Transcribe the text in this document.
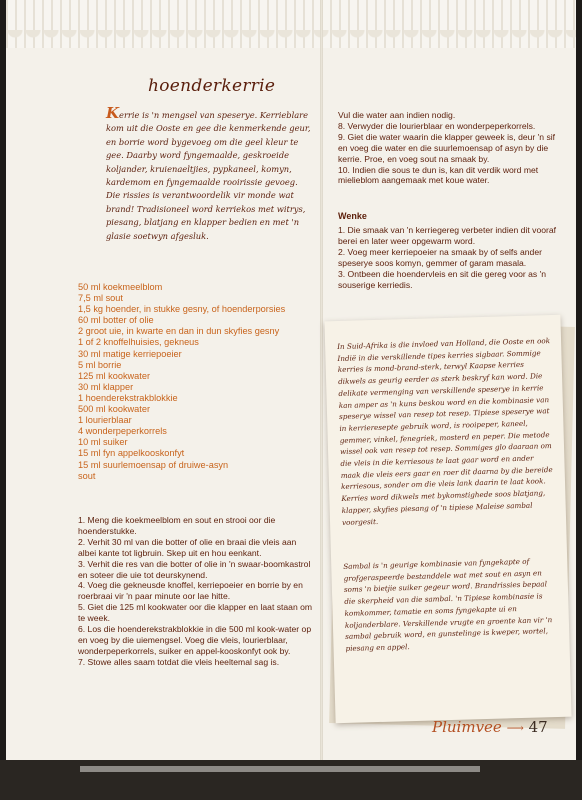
hoenderkerrie

Kerrie is 'n mengsel van speserye. Kerrieblare kom uit die Ooste en gee die kenmerkende geur, en borrie word bygevoeg om die geel kleur te gee. Daarby word fyngemaalde, geskroeide koljander, kruienaeltjies, pypkaneel, komyn, kardemom en fyngemaalde rooirissie gevoeg. Die rissies is verantwoordelik vir monde wat brand! Tradisioneel word kerriekos met witrys, piesang, blatjang en klapper bedien en met 'n glasie soetwyn afgesluk.

50 ml koekmeelblom
7,5 ml sout
1,5 kg hoender, in stukke gesny, of hoenderporsies
60 ml botter of olie
2 groot uie, in kwarte en dan in dun skyfies gesny
1 of 2 knoffelhuisies, gekneus
30 ml matige kerriepoeier
5 ml borrie
125 ml kookwater
30 ml klapper
1 hoenderekstrakblokkie
500 ml kookwater
1 lourierblaar
4 wonderpeperkorrels
10 ml suiker
15 ml fyn appelkooskonfyt
15 ml suurlemoensap of druiwe-asyn
sout
1. Meng die koekmeelblom en sout en strooi oor die hoenderstukke.
2. Verhit 30 ml van die botter of olie en braai die vleis aan albei kante tot ligbruin. Skep uit en hou eenkant.
3. Verhit die res van die botter of olie in 'n swaar-boomkastrol en soteer die uie tot deurskynend.
4. Voeg die gekneusde knoffel, kerriepoeier en borrie by en roerbraai vir 'n paar minute oor lae hitte.
5. Giet die 125 ml kookwater oor die klapper en laat staan om te week.
6. Los die hoenderekstrakblokkie in die 500 ml kook-water op en voeg by die uiemengsel. Voeg die vleis, lourierblaar, wonderpeperkorrels, suiker en appel-kooskonfyt ook by.
7. Stowe alles saam totdat die vleis heeltemal sag is.
Vul die water aan indien nodig.
8. Verwyder die lourierblaar en wonderpeperkorrels.
9. Giet die water waarin die klapper geweek is, deur 'n sif en voeg die water en die suurlemoensap of asyn by die kerrie. Proe, en voeg sout na smaak by.
10. Indien die sous te dun is, kan dit verdik word met mielieblom aangemaak met koue water.
Wenke
1. Die smaak van 'n kerriegereg verbeter indien dit vooraf berei en later weer opgewarm word.
2. Voeg meer kerriepoeier na smaak by of selfs ander speserye soos komyn, gemmer of garam masala.
3. Ontbeen die hoendervleis en sit die gereg voor as 'n souserige kerriedis.

In Suid-Afrika is die invloed van Holland, die Ooste en ook Indië in die verskillende tipes kerries sigbaar. Sommige kerries is mond-brand-sterk, terwyl Kaapse kerries dikwels as geurig eerder as sterk beskryf kan word. Die delikate vermenging van verskillende speserye in kerrie kan amper as 'n kuns beskou word en die kombinasie van speserye wissel van resep tot resep. Tipiese speserye wat in kerrieresepte gebruik word, is rooipeper, kaneel, gemmer, vinkel, fenegriek, mosterd en peper. Die metode wissel ook van resep tot resep. Sommiges glo daaraan om die vleis in die kerriesous te laat gaar word en ander maak die vleis eers gaar en roer dit daarna by die bereide kerriesous, sonder om die vleis lank daarin te laat kook. Kerries word dikwels met bykomstighede soos blatjang, klapper, skyfies piesang of 'n tipiese Maleise sambal voorgesit.

Sambal is 'n geurige kombinasie van fyngekapte of grofgeraspeerde bestanddele wat met sout en asyn en soms 'n bietjie suiker gegeur word. Brandrissies bepaal die skerpheid van die sambal. 'n Tipiese kombinasie is komkommer, tamatie en soms fyngekapte ui en koljanderblare. Verskillende vrugte en groente kan vir 'n sambal gebruik word, en gunstelinge is kweper, wortel, piesang en appel.

Pluimvee ⟶ 47
